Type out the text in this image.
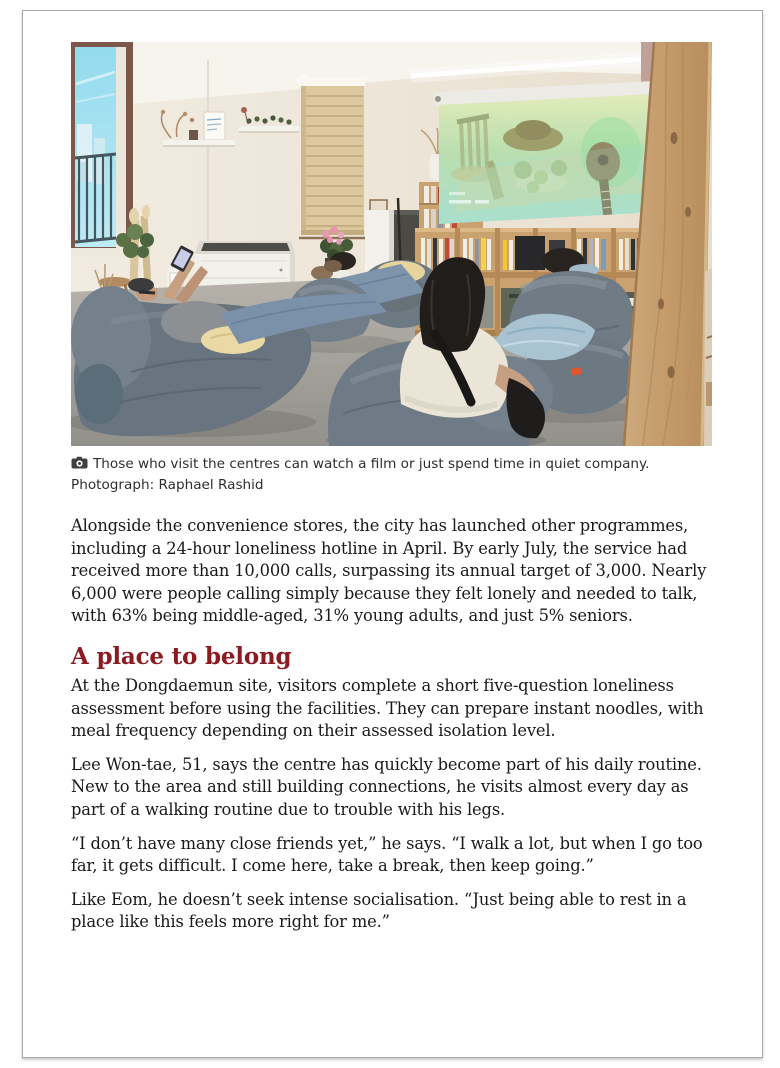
Those who visit the centres can watch a film or just spend time in quiet company. Photograph: Raphael Rashid

Alongside the convenience stores, the city has launched other programmes, including a 24-hour loneliness hotline in April. By early July, the service had received more than 10,000 calls, surpassing its annual target of 3,000. Nearly 6,000 were people calling simply because they felt lonely and needed to talk, with 63% being middle-aged, 31% young adults, and just 5% seniors.

A place to belong

At the Dongdaemun site, visitors complete a short five-question loneliness assessment before using the facilities. They can prepare instant noodles, with meal frequency depending on their assessed isolation level.

Lee Won-tae, 51, says the centre has quickly become part of his daily routine. New to the area and still building connections, he visits almost every day as part of a walking routine due to trouble with his legs.

“I don’t have many close friends yet,” he says. “I walk a lot, but when I go too far, it gets difficult. I come here, take a break, then keep going.”

Like Eom, he doesn’t seek intense socialisation. “Just being able to rest in a place like this feels more right for me.”
